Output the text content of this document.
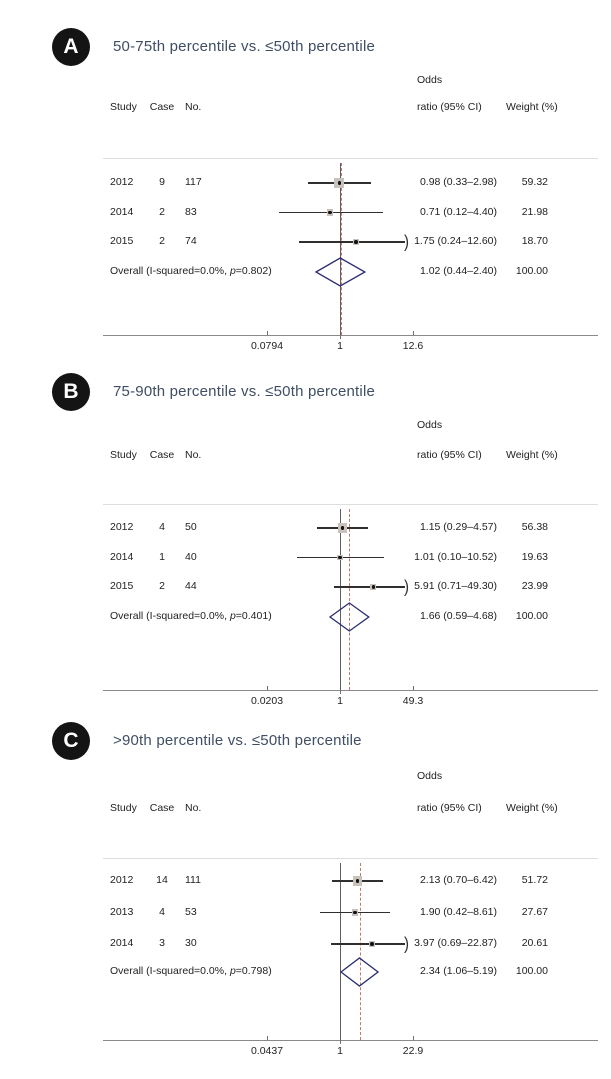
A 50-75th percentile vs. ≤50th percentile
Odds
Study	Case	No.	ratio (95% CI) Weight (%)
0.0794	1	12.6
2012	9	117	0.98 (0.33–2.98)	59.32
2014	2	83	0.71 (0.12–4.40)	21.98
2015	2	74	1.75 (0.24–12.60)	18.70
)
Overall (I-squared=0.0%, p=0.802)	1.02 (0.44–2.40)	100.00
B 75-90th percentile vs. ≤50th percentile
Odds
Study	Case	No.	ratio (95% CI) Weight (%)
0.0203	1	49.3
2012	4	50	1.15 (0.29–4.57)	56.38
2014	1	40	1.01 (0.10–10.52)	19.63
2015	2	44	5.91 (0.71–49.30)	23.99
)
Overall (I-squared=0.0%, p=0.401)	1.66 (0.59–4.68)	100.00
C >90th percentile vs. ≤50th percentile
Odds
Study	Case	No.	ratio (95% CI) Weight (%)
0.0437	1	22.9
2012	14	111	2.13 (0.70–6.42)	51.72
2013	4	53	1.90 (0.42–8.61)	27.67
2014	3	30	3.97 (0.69–22.87)	20.61
)
Overall (I-squared=0.0%, p=0.798)	2.34 (1.06–5.19)	100.00
